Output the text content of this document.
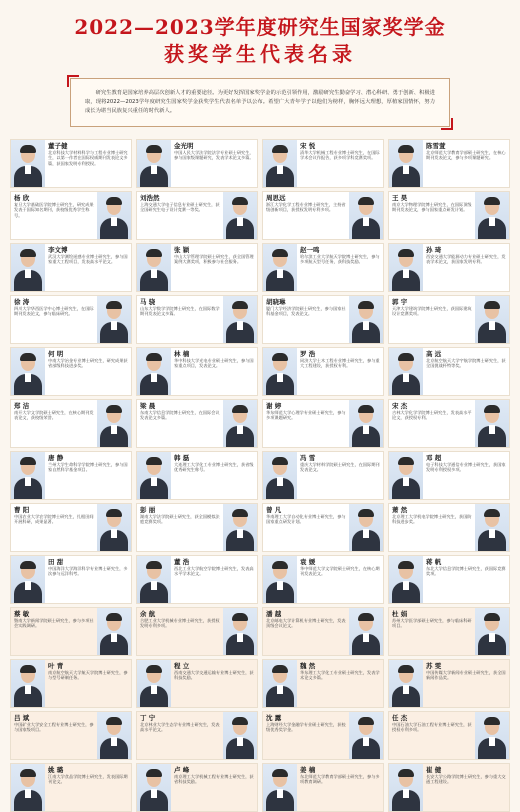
2022—2023学年度研究生国家奖学金
获奖学生代表名录

研究生教育是国家培养高层次创新人才的重要途径。为更好发挥国家奖学金的示范引领作用，激励研究生勤奋学习、潜心科研、勇于创新、积极进取，现将2022—2023学年度研究生国家奖学金获奖学生代表名单予以公布。希望广大青年学子以他们为榜样，胸怀远大理想，厚植家国情怀，努力成长为堪当民族复兴重任的时代新人。

董子健
北京科技大学材料科学与工程专业博士研究生，以第一作者在国际权威期刊发表论文多篇，获国家发明专利授权。
金光明
中国人民大学法学院法学专业硕士研究生，参与国家级课题研究，发表学术论文多篇。
宋 悦
清华大学机械工程专业博士研究生，在国际学术会议作报告，获多项学科竞赛奖项。
陈雪萱
北京师范大学教育学部硕士研究生，在核心期刊发表论文，参与多项课题研究。
杨 欣
复旦大学基础医学院博士研究生，研究成果发表于国际知名期刊，获校级优秀学生称号。
刘浩然
上海交通大学电子信息专业硕士研究生，获全国研究生电子设计竞赛一等奖。
周思远
浙江大学化学工程专业博士研究生，主持省级创新项目，获授权发明专利多项。
王 昊
南京大学物理学院博士研究生，在国际顶级期刊发表论文，参与国家重点研发计划。
李文博
武汉大学测绘遥感专业博士研究生，参与国家重大工程项目，发表高水平论文。
张 颖
中山大学管理学院硕士研究生，获全国管理案例大赛奖项，积极参与社会服务。
赵一鸣
哈尔滨工业大学航天学院博士研究生，参与多项航天型号任务，获科技奖励。
孙 琦
西安交通大学能源动力专业硕士研究生，发表学术论文，获国家发明专利。
徐 涛
四川大学华西医学中心博士研究生，在国际期刊发表论文，参与临床研究。
马 骁
山东大学数学学院博士研究生，在国际数学期刊发表论文多篇。
胡晓琳
厦门大学经济学院硕士研究生，参与国家社科基金项目，发表论文。
郭 宇
天津大学建筑学院博士研究生，获国际建筑设计竞赛奖项。
何 明
中南大学冶金专业博士研究生，研究成果获省部级科技进步奖。
林 楠
华中科技大学光电专业硕士研究生，参与国家重点项目，发表论文。
罗 浩
同济大学土木工程专业博士研究生，参与重大工程建设，获授权专利。
高 远
北京航空航天大学宇航学院博士研究生，获全国挑战杯特等奖。
郑 洁
南开大学文学院硕士研究生，在核心期刊发表论文，获校级荣誉。
梁 晨
东南大学信息学院博士研究生，在国际会议发表论文多篇。
谢 婷
华东师范大学心理学专业硕士研究生，参与多项课题研究。
宋 杰
吉林大学化学学院博士研究生，发表高水平论文，获授权专利。
唐 静
兰州大学生命科学学院博士研究生，参与国家自然科学基金项目。
韩 磊
大连理工大学化工专业博士研究生，获省级优秀研究生称号。
冯 雪
重庆大学材料学院硕士研究生，在国际期刊发表论文。
邓 超
电子科技大学通信专业博士研究生，获国家发明专利授权多项。
曹 阳
中国农业大学农学院博士研究生，扎根田间开展科研，成果显著。
彭 丽
湖南大学法学院硕士研究生，获全国模拟法庭竞赛奖项。
曾 凡
华南理工大学自动化专业博士研究生，参与国家重点研发计划。
萧 然
北京理工大学机电学院博士研究生，获国防科技进步奖。
田 甜
中国海洋大学海洋科学专业博士研究生，多次参与远洋科考。
董 浩
西北工业大学航空学院博士研究生，发表高水平学术论文。
袁 媛
华中师范大学文学院硕士研究生，在核心期刊发表论文。
蒋 帆
东北大学信息学院博士研究生，获国际竞赛奖项。
蔡 敏
暨南大学新闻学院硕士研究生，参与多项社会实践调研。
余 航
合肥工业大学机械专业博士研究生，获授权发明专利多项。
潘 越
北京邮电大学计算机专业博士研究生，发表顶级会议论文。
杜 娟
苏州大学医学部硕士研究生，参与临床科研项目。
叶 青
南京航空航天大学航天学院博士研究生，参与型号研制任务。
程 立
西南交通大学交通运输专业博士研究生，获科技奖励。
魏 然
华东理工大学化工专业硕士研究生，发表学术论文多篇。
苏 雯
中国传媒大学新闻专业硕士研究生，获全国新闻作品奖。
吕 斌
中国矿业大学安全工程专业博士研究生，参与国家级项目。
丁 宁
北京林业大学生态学专业博士研究生，发表高水平论文。
沈 露
上海财经大学金融学专业硕士研究生，获校级优秀奖学金。
任 杰
中国石油大学石油工程专业博士研究生，获授权专利多项。
姚 璐
江南大学食品学院博士研究生，发表国际期刊论文。
卢 峰
南京理工大学机械工程专业博士研究生，获省科技奖励。
姜 楠
东北师范大学教育学部硕士研究生，参与多项教育调研。
崔 健
长安大学公路学院博士研究生，参与重大交通工程建设。
